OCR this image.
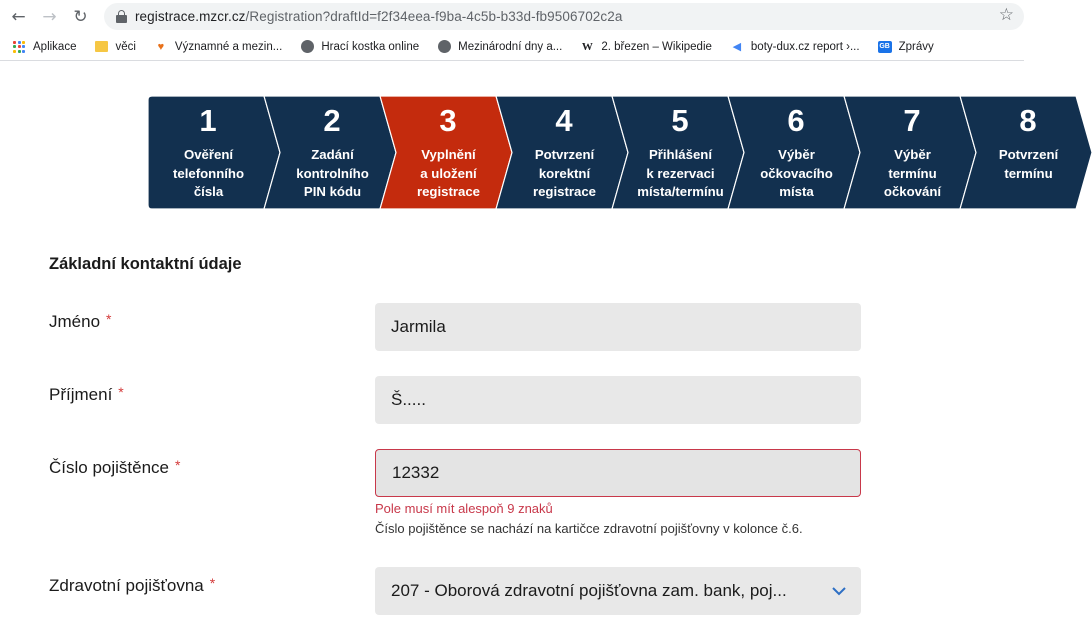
← → ↻	registrace.mzcr.cz/Registration?draftId=f2f34eea-f9ba-4c5b-b33d-fb9506702c2a	☆
Aplikace	věci	♥ Významné a mezin...	Hrací kostka online	Mezinárodní dny a... W 2. březen – Wikipedie ◀ boty-dux.cz report ›...	GB Zprávy
1
Ověření
telefonního
čísla
2
Zadání
kontrolního
PIN kódu
3
Vyplnění
a uložení
registrace
4
Potvrzení
korektní
registrace
5
Přihlášení
k rezervaci
místa/termínu
6
Výběr
očkovacího
místa
7
Výběr
termínu
očkování
8
Potvrzení
termínu
Základní kontaktní údaje
Jméno *	Jarmila
Příjmení *	Š.....
Číslo pojištěnce *	12332
Pole musí mít alespoň 9 znaků
Číslo pojištěnce se nachází na kartičce zdravotní pojišťovny v kolonce č.6.
Zdravotní pojišťovna *	207 - Oborová zdravotní pojišťovna zam. bank, poj...
